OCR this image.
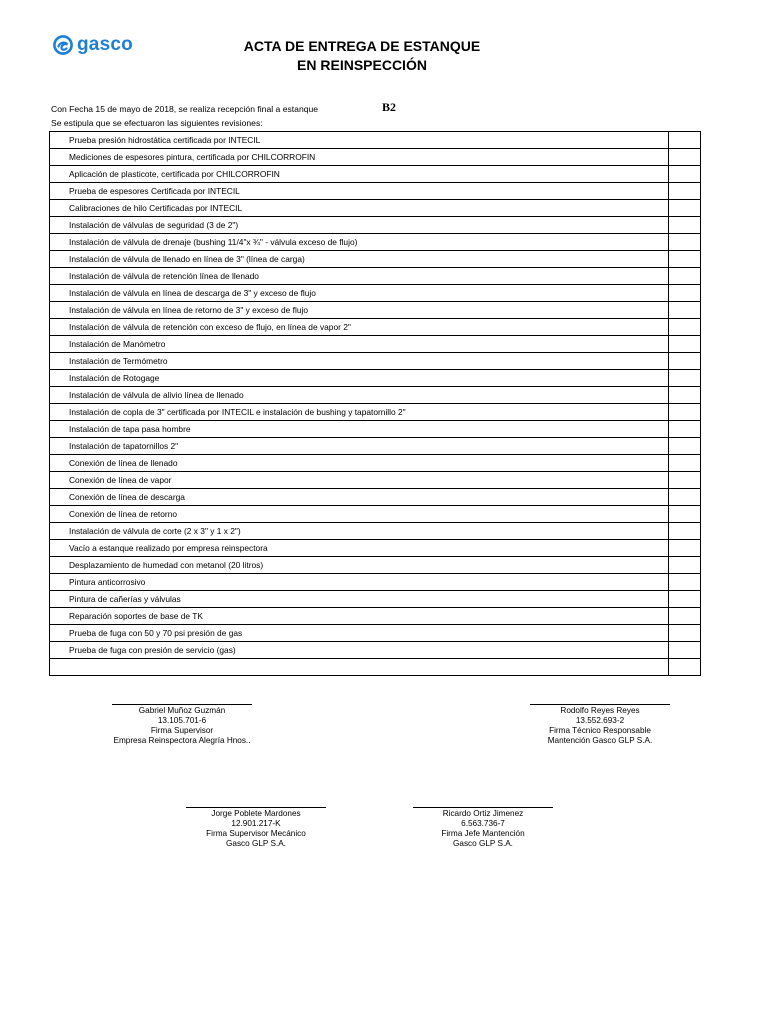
gasco	ACTA DE ENTREGA DE ESTANQUE
EN REINSPECCIÓN
Con Fecha 15 de mayo de 2018, se realiza recepción final a estanque	B2
Se estipula que se efectuaron las siguientes revisiones:
Prueba presión hidrostática certificada por INTECIL	
Mediciones de espesores pintura, certificada por CHILCORROFIN	
Aplicación de plasticote, certificada por CHILCORROFIN	
Prueba de espesores Certificada por INTECIL	
Calibraciones de hilo Certificadas por INTECIL	
Instalación de válvulas de seguridad (3 de 2")	
Instalación de válvula de drenaje (bushing 11/4"x ¾" - válvula exceso de flujo)	
Instalación de válvula de llenado en línea de 3" (línea de carga)	
Instalación de válvula de retención línea de llenado	
Instalación de válvula en línea de descarga de 3" y exceso de flujo	
Instalación de válvula en línea de retorno de 3" y exceso de flujo	
Instalación de válvula de retención con exceso de flujo, en línea de vapor 2"	
Instalación de Manómetro	
Instalación de Termómetro	
Instalación de Rotogage	
Instalación de válvula de alivio línea de llenado	
Instalación de copla de 3" certificada por INTECIL e instalación de bushing y tapatornillo 2"	
Instalación de tapa pasa hombre	
Instalación de tapatornillos 2"	
Conexión de línea de llenado	
Conexión de línea de vapor	
Conexión de línea de descarga	
Conexión de línea de retorno	
Instalación de válvula de corte (2 x 3" y 1 x 2")	
Vacío a estanque realizado por empresa reinspectora	
Desplazamiento de humedad con metanol (20 litros)	
Pintura anticorrosivo	
Pintura de cañerías y válvulas	
Reparación soportes de base de TK	
Prueba de fuga con 50 y 70 psi presión de gas	
Prueba de fuga con presión de servicio (gas)	

Gabriel Muñoz Guzmán
13.105.701-6
Firma Supervisor
Empresa Reinspectora Alegría Hnos..
Rodolfo Reyes Reyes
13.552.693-2
Firma Técnico Responsable
Mantención Gasco GLP S.A.
Jorge Poblete Mardones
12.901.217-K
Firma Supervisor Mecánico
Gasco GLP S.A.
Ricardo Ortiz Jimenez
6.563.736-7
Firma Jefe Mantención
Gasco GLP S.A.
